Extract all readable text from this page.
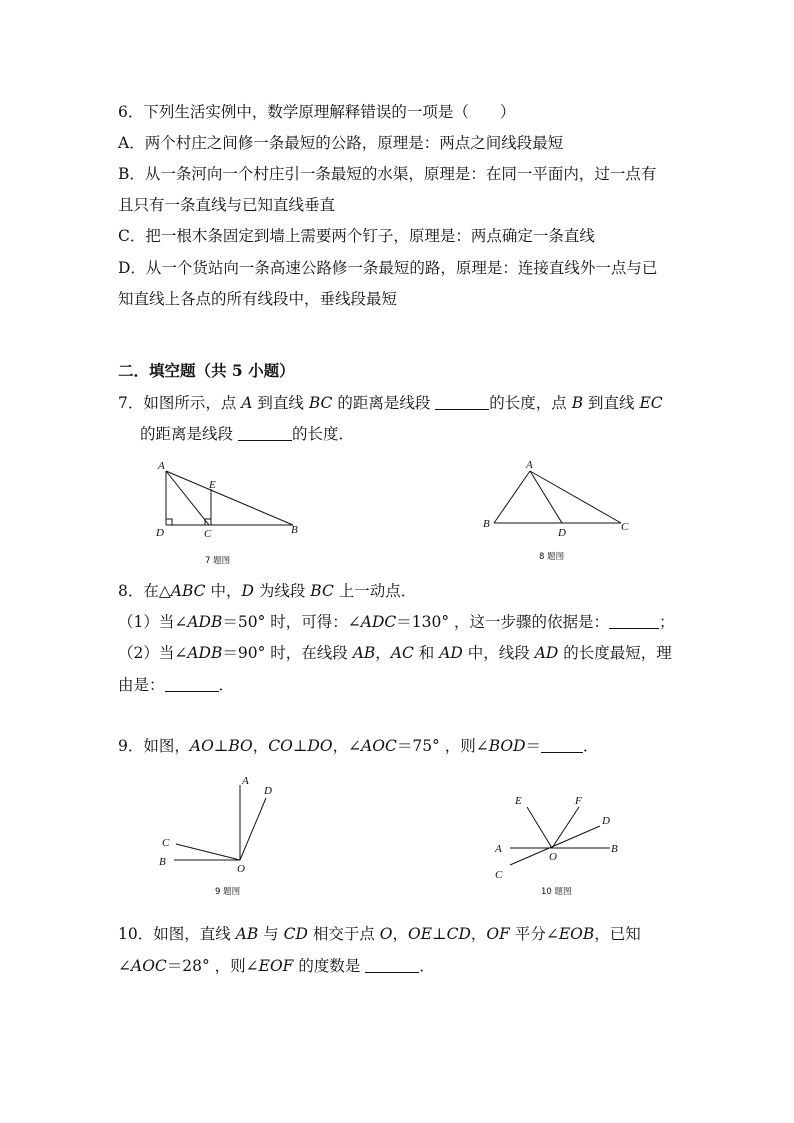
6．下列生活实例中，数学原理解释错误的一项是（　　）
A．两个村庄之间修一条最短的公路，原理是：两点之间线段最短
B．从一条河向一个村庄引一条最短的水渠，原理是：在同一平面内，过一点有
且只有一条直线与已知直线垂直
C．把一根木条固定到墙上需要两个钉子，原理是：两点确定一条直线
D．从一个货站向一条高速公路修一条最短的路，原理是：连接直线外一点与已
知直线上各点的所有线段中，垂线段最短
二．填空题（共 5 小题）
7．如图所示，点 A 到直线 BC 的距离是线段	的长度，点 B 到直线 EC
的距离是线段	的长度．
A
E
D	C	B
7 题图
A
B
D	C
8 题图
8．在△ABC 中，D 为线段 BC 上一动点．
（1）当∠ADB＝50° 时，可得：∠ADC＝130° ，这一步骤的依据是：	；
（2）当∠ADB＝90° 时，在线段 AB，AC 和 AD 中，线段 AD 的长度最短，理
由是：	．
9．如图，AO⊥BO，CO⊥DO，∠AOC＝75° ，则∠BOD＝	．
A
D
C
B
O
9 题图
E	F
D
A
O
B
C
10 题图
10．如图，直线 AB 与 CD 相交于点 O，OE⊥CD，OF 平分∠EOB，已知
∠AOC＝28° ，则∠EOF 的度数是	．
